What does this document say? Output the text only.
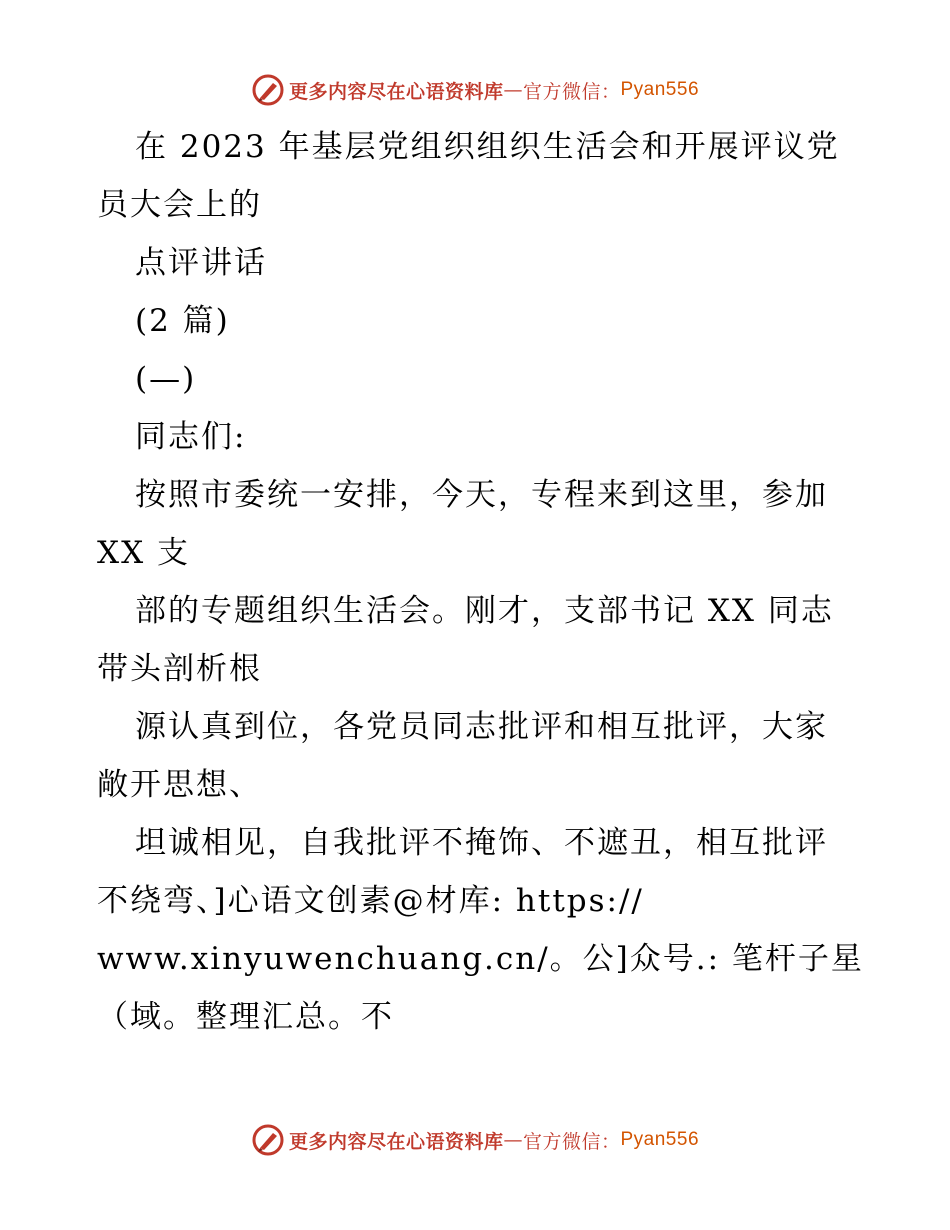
更多内容尽在心语资料库 — 官方微信： Pyan556
在 2023 年基层党组织组织生活会和开展评议党
员大会上的
点评讲话
(2 篇)
(—)
同志们:
按照市委统一安排，今天，专程来到这里，参加
XX 支
部的专题组织生活会。刚才，支部书记 XX 同志
带头剖析根
源认真到位，各党员同志批评和相互批评，大家
敞开思想、
坦诚相见，自我批评不掩饰、不遮丑，相互批评
不绕弯、]心语文创素@材库: https://
www.xinyuwenchuang.cn/。公]众号.: 笔杆子星
（域。整理汇总。不
更多内容尽在心语资料库 — 官方微信： Pyan556
